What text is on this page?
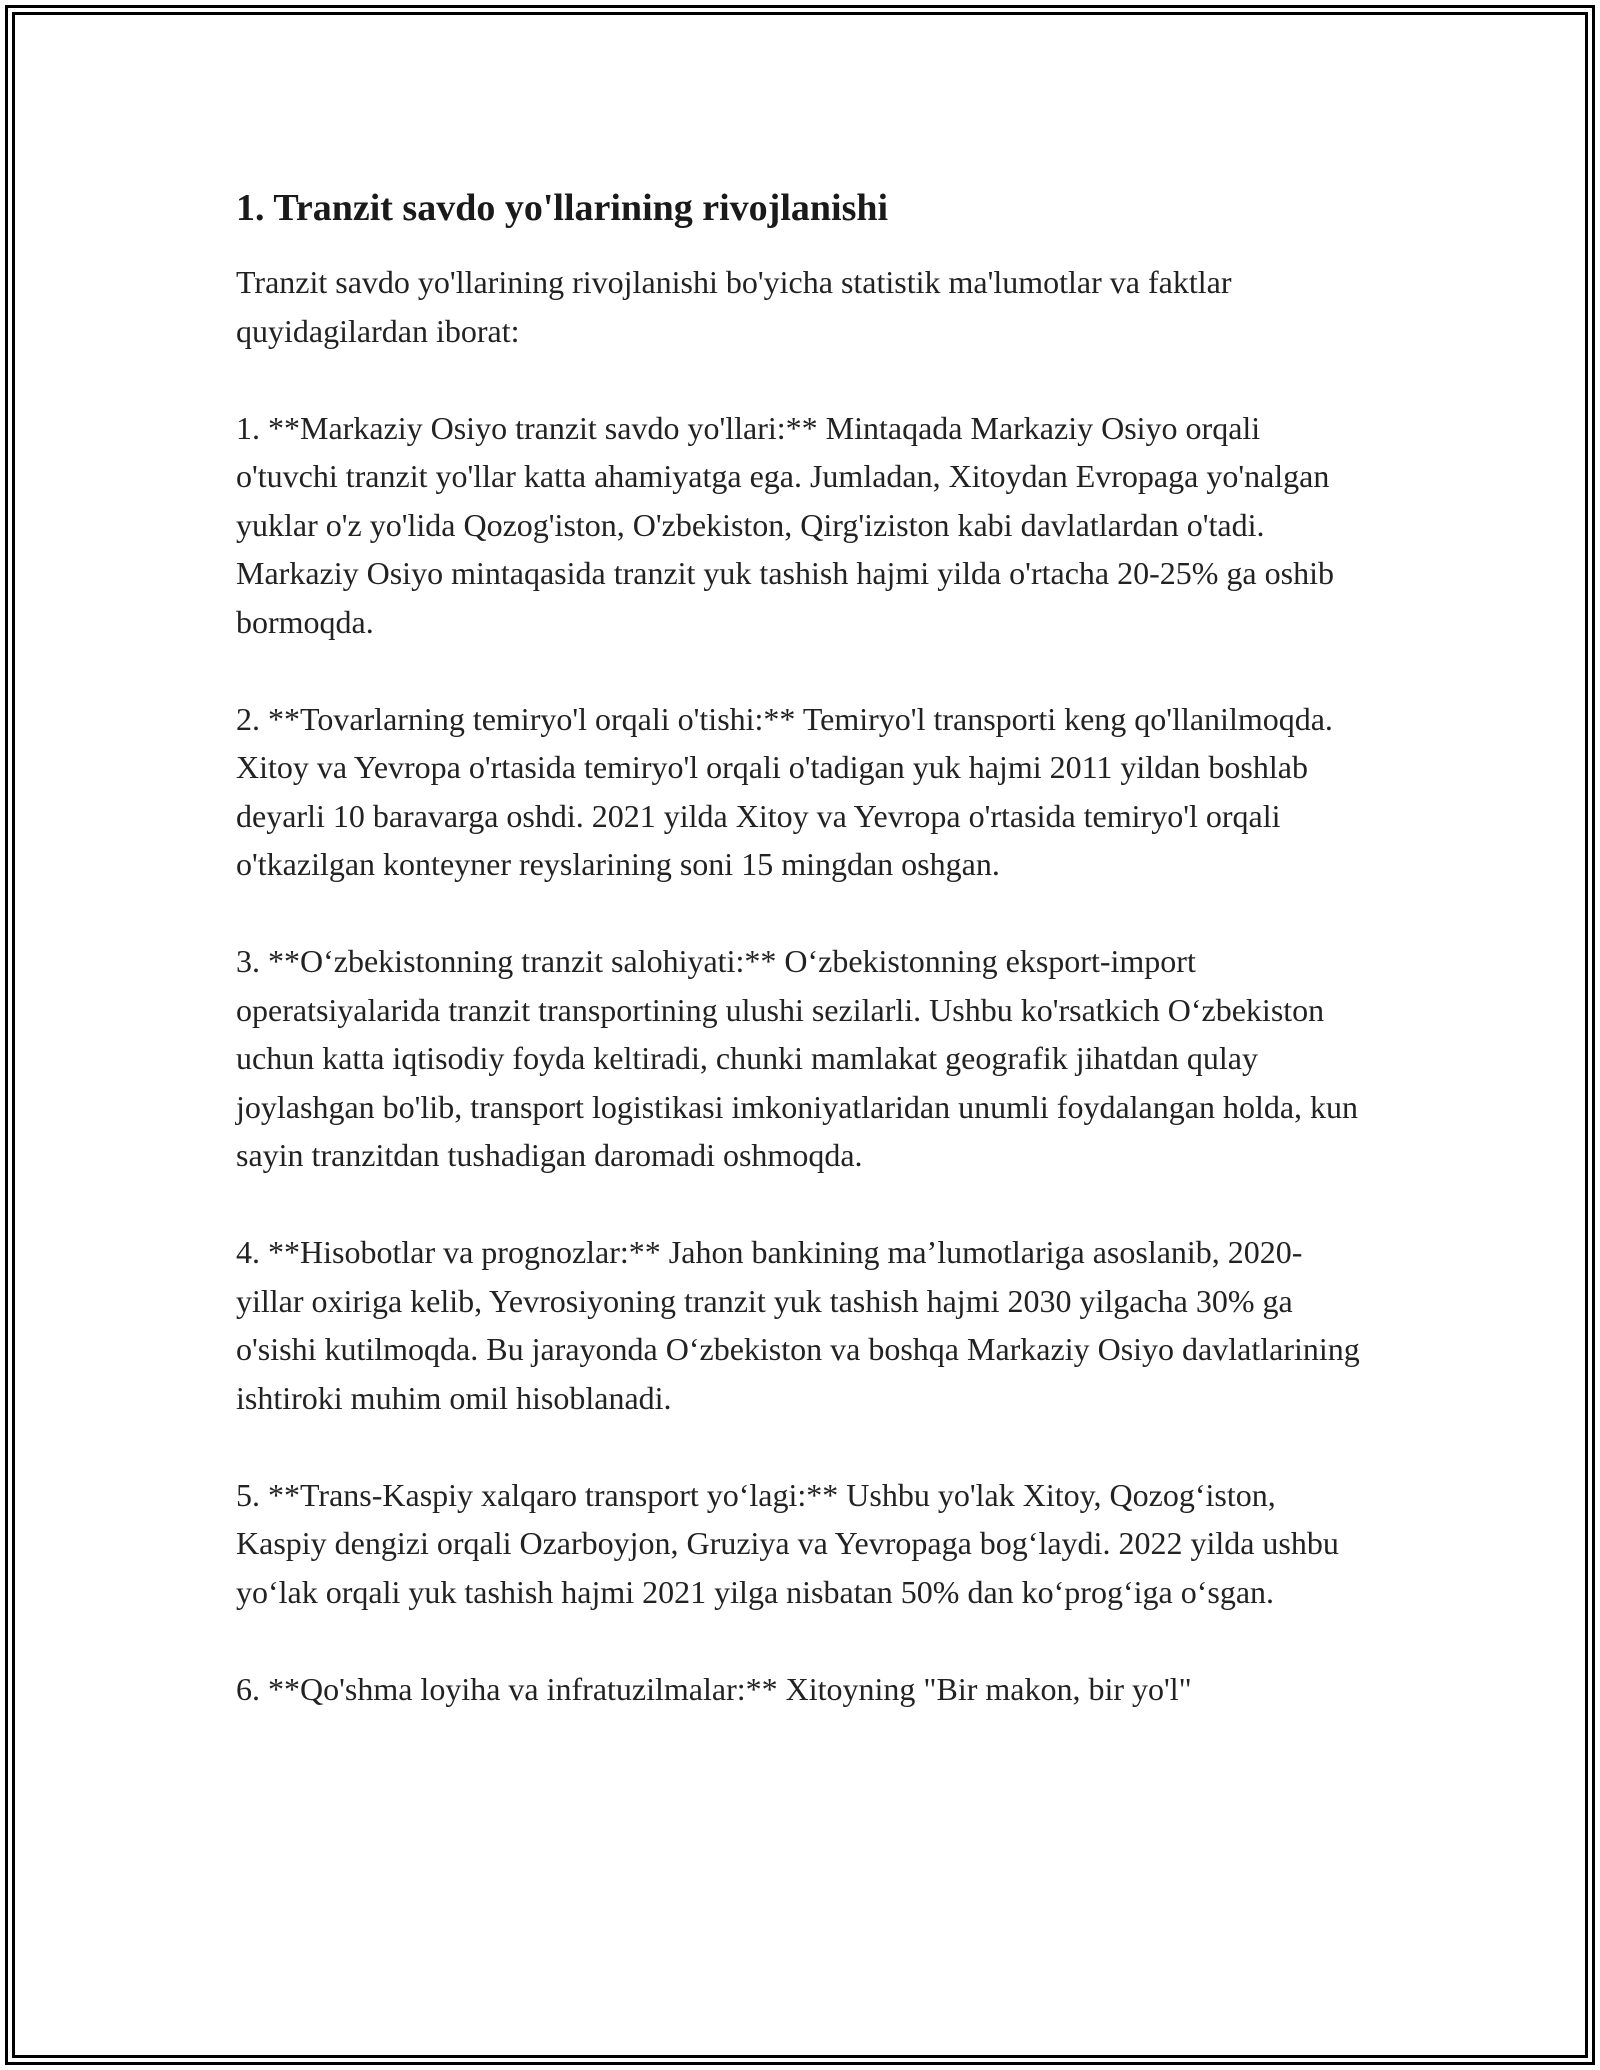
1. Tranzit savdo yo'llarining rivojlanishi

Tranzit savdo yo'llarining rivojlanishi bo'yicha statistik ma'lumotlar va faktlar quyidagilardan iborat:

1. **Markaziy Osiyo tranzit savdo yo'llari:** Mintaqada Markaziy Osiyo orqali o'tuvchi tranzit yo'llar katta ahamiyatga ega. Jumladan, Xitoydan Evropaga yo'nalgan yuklar o'z yo'lida Qozog'iston, O'zbekiston, Qirg'iziston kabi davlatlardan o'tadi. Markaziy Osiyo mintaqasida tranzit yuk tashish hajmi yilda o'rtacha 20-25% ga oshib bormoqda.

2. **Tovarlarning temiryo'l orqali o'tishi:** Temiryo'l transporti keng qo'llanilmoqda. Xitoy va Yevropa o'rtasida temiryo'l orqali o'tadigan yuk hajmi 2011 yildan boshlab deyarli 10 baravarga oshdi. 2021 yilda Xitoy va Yevropa o'rtasida temiryo'l orqali o'tkazilgan konteyner reyslarining soni 15 mingdan oshgan.

3. **O‘zbekistonning tranzit salohiyati:** O‘zbekistonning eksport-import operatsiyalarida tranzit transportining ulushi sezilarli. Ushbu ko'rsatkich O‘zbekiston uchun katta iqtisodiy foyda keltiradi, chunki mamlakat geografik jihatdan qulay joylashgan bo'lib, transport logistikasi imkoniyatlaridan unumli foydalangan holda, kun sayin tranzitdan tushadigan daromadi oshmoqda.

4. **Hisobotlar va prognozlar:** Jahon bankining ma’lumotlariga asoslanib, 2020-yillar oxiriga kelib, Yevrosiyoning tranzit yuk tashish hajmi 2030 yilgacha 30% ga o'sishi kutilmoqda. Bu jarayonda O‘zbekiston va boshqa Markaziy Osiyo davlatlarining ishtiroki muhim omil hisoblanadi.

5. **Trans-Kaspiy xalqaro transport yo‘lagi:** Ushbu yo'lak Xitoy, Qozog‘iston, Kaspiy dengizi orqali Ozarboyjon, Gruziya va Yevropaga bog‘laydi. 2022 yilda ushbu yo‘lak orqali yuk tashish hajmi 2021 yilga nisbatan 50% dan ko‘prog‘iga o‘sgan.

6. **Qo'shma loyiha va infratuzilmalar:** Xitoyning "Bir makon, bir yo'l"
